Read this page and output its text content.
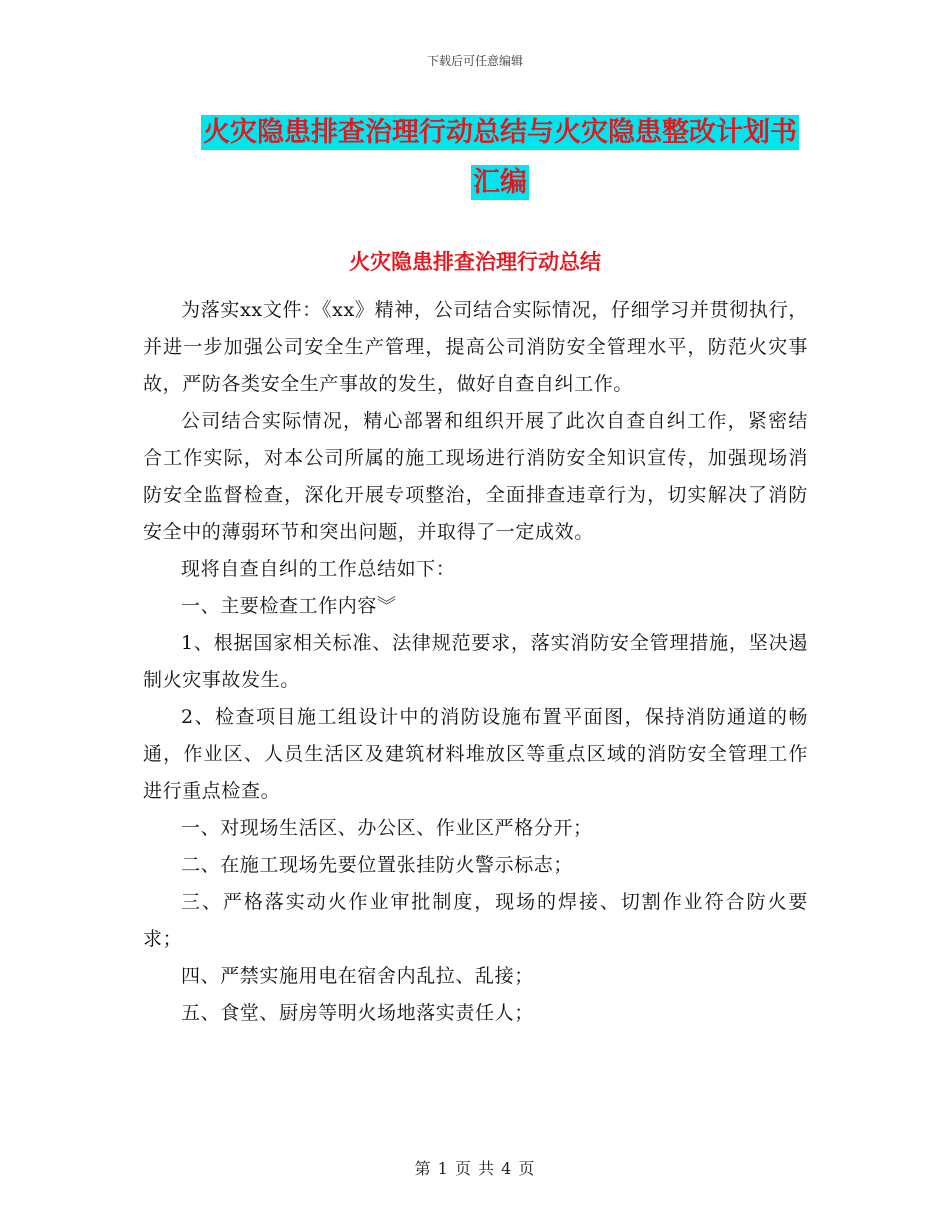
下载后可任意编辑
火灾隐患排查治理行动总结与火灾隐患整改计划书汇编
火灾隐患排查治理行动总结

为落实xx文件：《xx》精神，公司结合实际情况，仔细学习并贯彻执行，并进一步加强公司安全生产管理，提高公司消防安全管理水平，防范火灾事故，严防各类安全生产事故的发生，做好自查自纠工作。

公司结合实际情况，精心部署和组织开展了此次自查自纠工作，紧密结合工作实际，对本公司所属的施工现场进行消防安全知识宣传，加强现场消防安全监督检查，深化开展专项整治，全面排查违章行为，切实解决了消防安全中的薄弱环节和突出问题，并取得了一定成效。

现将自查自纠的工作总结如下：

一、主要检查工作内容︾

1、根据国家相关标准、法律规范要求，落实消防安全管理措施，坚决遏制火灾事故发生。

2、检查项目施工组设计中的消防设施布置平面图，保持消防通道的畅通，作业区、人员生活区及建筑材料堆放区等重点区域的消防安全管理工作进行重点检查。

一、对现场生活区、办公区、作业区严格分开；

二、在施工现场先要位置张挂防火警示标志；

三、严格落实动火作业审批制度，现场的焊接、切割作业符合防火要求；

四、严禁实施用电在宿舍内乱拉、乱接；

五、食堂、厨房等明火场地落实责任人；

第 1 页 共 4 页
